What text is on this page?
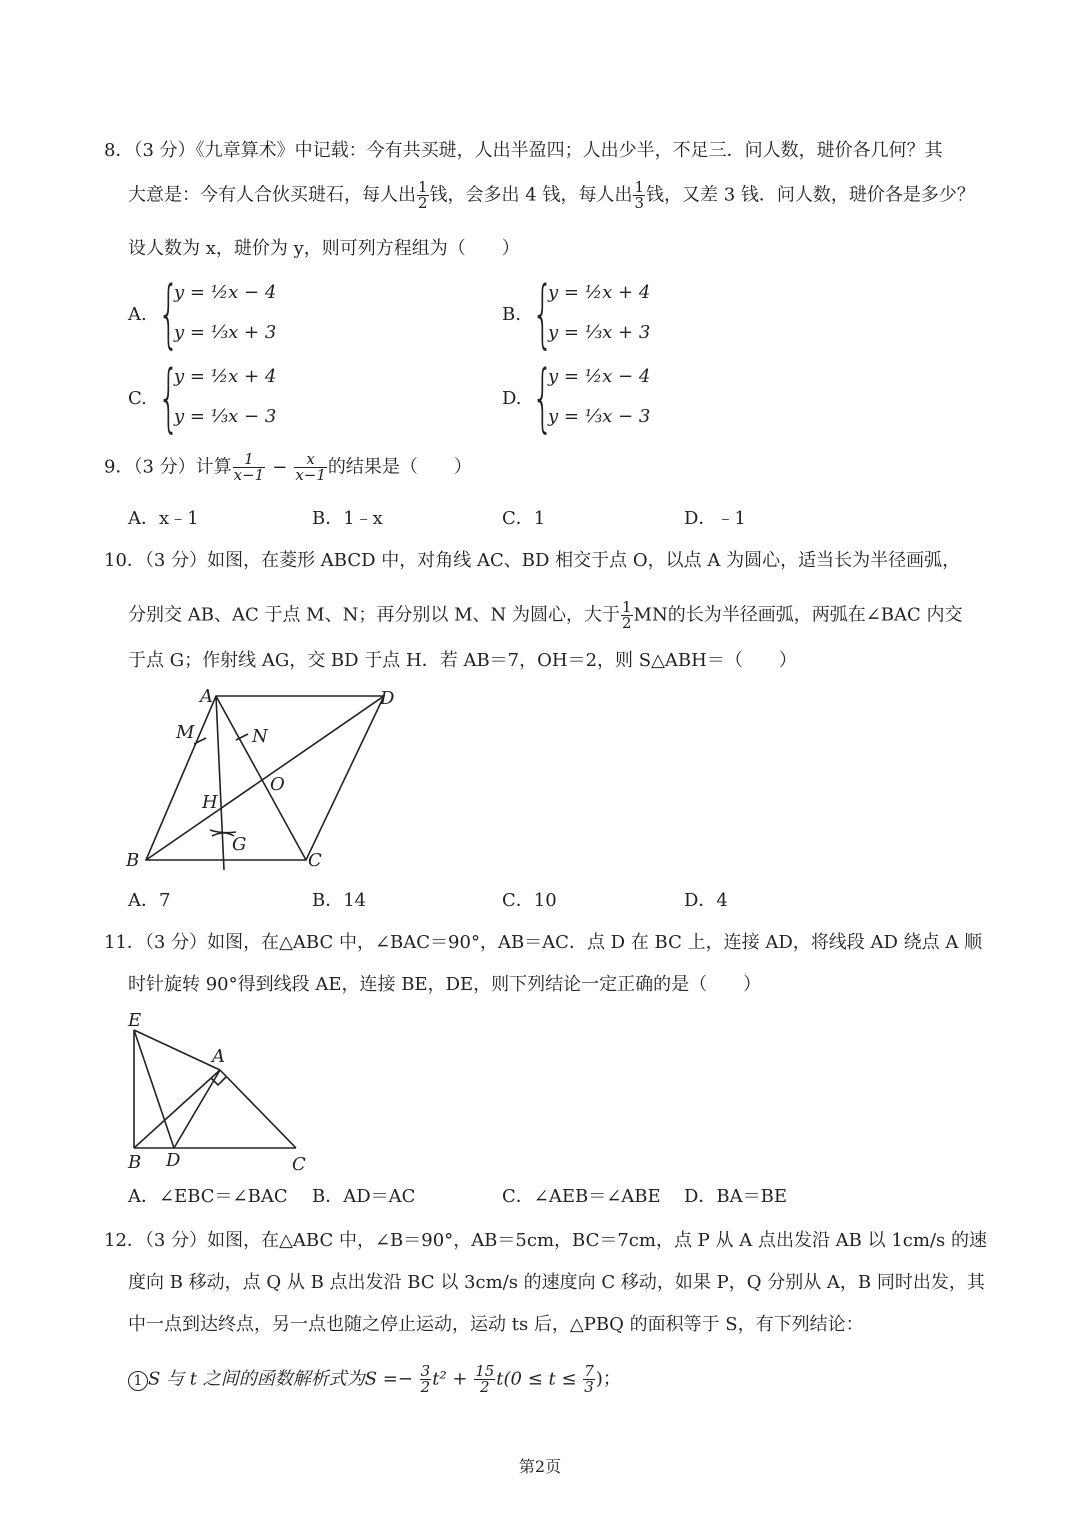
8．（3 分）《九章算术》中记载：今有共买琎，人出半盈四；人出少半，不足三．问人数，琎价各几何？其
大意是：今有人合伙买琎石，每人出 $\frac{1}{2}$ 钱，会多出 4 钱，每人出 $\frac{1}{3}$ 钱，又差 3 钱．问人数，琎价各是多少？
设人数为 x，琎价为 y，则可列方程组为（　　）
A. {
y = ½x − 4
y = ⅓x + 3
B. {
y = ½x + 4
y = ⅓x + 3
C. {
y = ½x + 4
y = ⅓x − 3
D. {
y = ½x − 4
y = ⅓x − 3
9．（3 分）计算 $\frac{1}{x-1} - \frac{x}{x-1}$ 的结果是（　　）
A．x﹣1	B．1﹣x	C．1	D．﹣1
10．（3 分）如图，在菱形 ABCD 中，对角线 AC、BD 相交于点 O，以点 A 为圆心，适当长为半径画弧，
分别交 AB、AC 于点 M、N；再分别以 M、N 为圆心，大于 $\frac{1}{2}$ MN的长为半径画弧，两弧在∠BAC 内交
于点 G；作射线 AG，交 BD 于点 H．若 AB＝7，OH＝2，则 S△ABH＝（　　）
A	D
M	N
O
H
G
B	C
A．7	B．14	C．10	D．4
11．（3 分）如图，在△ABC 中，∠BAC＝90°，AB＝AC．点 D 在 BC 上，连接 AD，将线段 AD 绕点 A 顺
时针旋转 90°得到线段 AE，连接 BE，DE，则下列结论一定正确的是（　　）
E
A
B D	C
A．∠EBC＝∠BAC B．AD＝AC	C．∠AEB＝∠ABE D．BA＝BE
12．（3 分）如图，在△ABC 中，∠B＝90°，AB＝5cm，BC＝7cm，点 P 从 A 点出发沿 AB 以 1cm/s 的速
度向 B 移动，点 Q 从 B 点出发沿 BC 以 3cm/s 的速度向 C 移动，如果 P，Q 分别从 A，B 同时出发，其
中一点到达终点，另一点也随之停止运动，运动 ts 后，△PBQ 的面积等于 S，有下列结论：
1 S 与 t 之间的函数解析式为$S =- \frac{3}{2} t^2 + \frac{15}{2} t(0 \le t \le \frac{7}{3}$ )；
第2页
